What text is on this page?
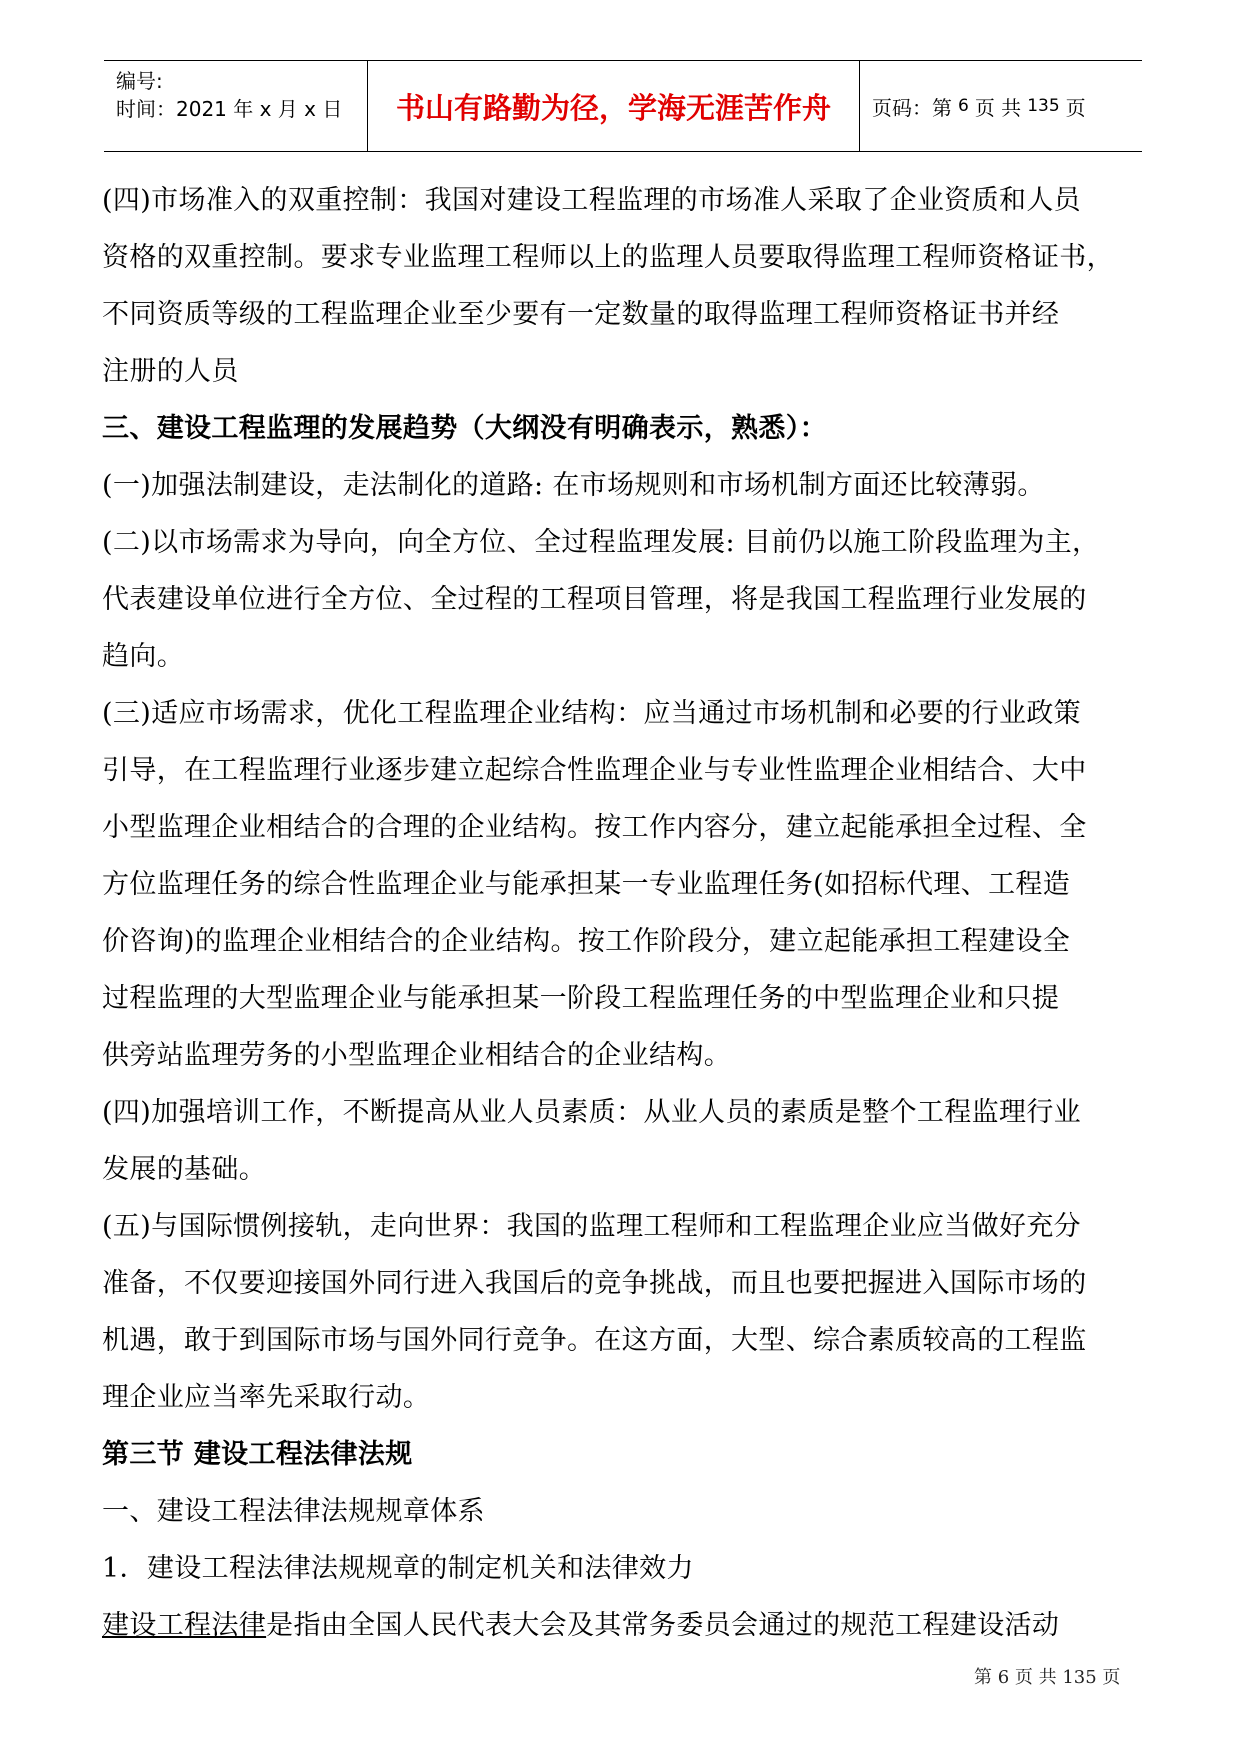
编号:
时间：2021 年 x 月 x 日	书山有路勤为径，学海无涯苦作舟	页码：第 6 页 共 135 页

(四)市场准入的双重控制：我国对建设工程监理的市场准人采取了企业资质和人员

资格的双重控制。要求专业监理工程师以上的监理人员要取得监理工程师资格证书，

不同资质等级的工程监理企业至少要有一定数量的取得监理工程师资格证书并经

注册的人员

三、建设工程监理的发展趋势（大纲没有明确表示，熟悉）：

(一)加强法制建设，走法制化的道路: 在市场规则和市场机制方面还比较薄弱。

(二)以市场需求为导向，向全方位、全过程监理发展: 目前仍以施工阶段监理为主，

代表建设单位进行全方位、全过程的工程项目管理，将是我国工程监理行业发展的

趋向。

(三)适应市场需求，优化工程监理企业结构：应当通过市场机制和必要的行业政策

引导，在工程监理行业逐步建立起综合性监理企业与专业性监理企业相结合、大中

小型监理企业相结合的合理的企业结构。按工作内容分，建立起能承担全过程、全

方位监理任务的综合性监理企业与能承担某一专业监理任务(如招标代理、工程造

价咨询)的监理企业相结合的企业结构。按工作阶段分，建立起能承担工程建设全

过程监理的大型监理企业与能承担某一阶段工程监理任务的中型监理企业和只提

供旁站监理劳务的小型监理企业相结合的企业结构。

(四)加强培训工作，不断提高从业人员素质：从业人员的素质是整个工程监理行业

发展的基础。

(五)与国际惯例接轨，走向世界：我国的监理工程师和工程监理企业应当做好充分

准备，不仅要迎接国外同行进入我国后的竞争挑战，而且也要把握进入国际市场的

机遇，敢于到国际市场与国外同行竞争。在这方面，大型、综合素质较高的工程监

理企业应当率先采取行动。

第三节 建设工程法律法规

一、建设工程法律法规规章体系

1．建设工程法律法规规章的制定机关和法律效力

建设工程法律是指由全国人民代表大会及其常务委员会通过的规范工程建设活动

第 6 页 共 135 页
